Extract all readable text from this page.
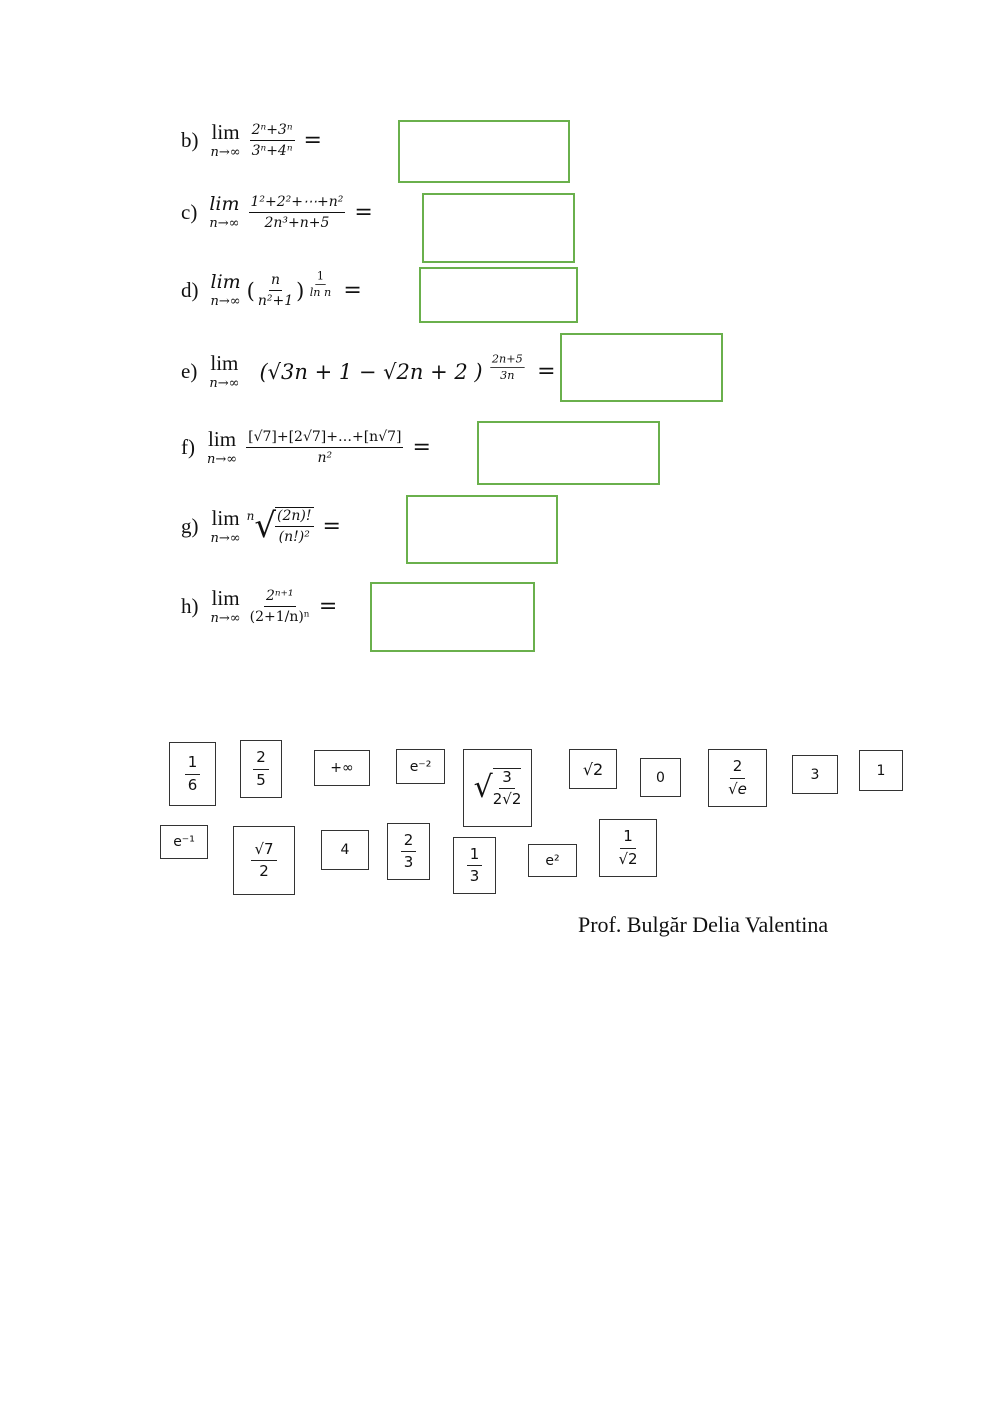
b) lim
$n\to\infty \frac{\text{2ⁿ+3ⁿ}}{\text{3ⁿ+4ⁿ}}$ =
c) lim
$n\to\infty \frac{\text{1²+2²+⋯+n²}}{\text{2n³+n+5}}$ =
d) lim
n→∞ ( $\frac{n}{\text{n²+1}}$ ) $\frac{1}{\text{ln n}}$ =
e) lim
n→∞ (√3n + 1 − √2n + 2 ) $\frac{2n+5}{3n}$ =
f) lim
$n\to\infty \frac{[√7]+[2√7]+\dots+[n√7]}{\text{n²}}$ =
g) lim
n→∞
n √ $\frac{(2n)!}{\text{(n!)²}}$ =
h) lim
$n\to\infty \frac{\text{2ⁿ⁺¹}}{\text{(2+1/n)ⁿ}}$ =
1
6
2
5
+∞	e⁻²
√ 3
2√2
√2	0
2
√e
3	1
e⁻¹	√7
2
4
2
3	1
3
e²
1
√2
Prof. Bulgăr Delia Valentina
